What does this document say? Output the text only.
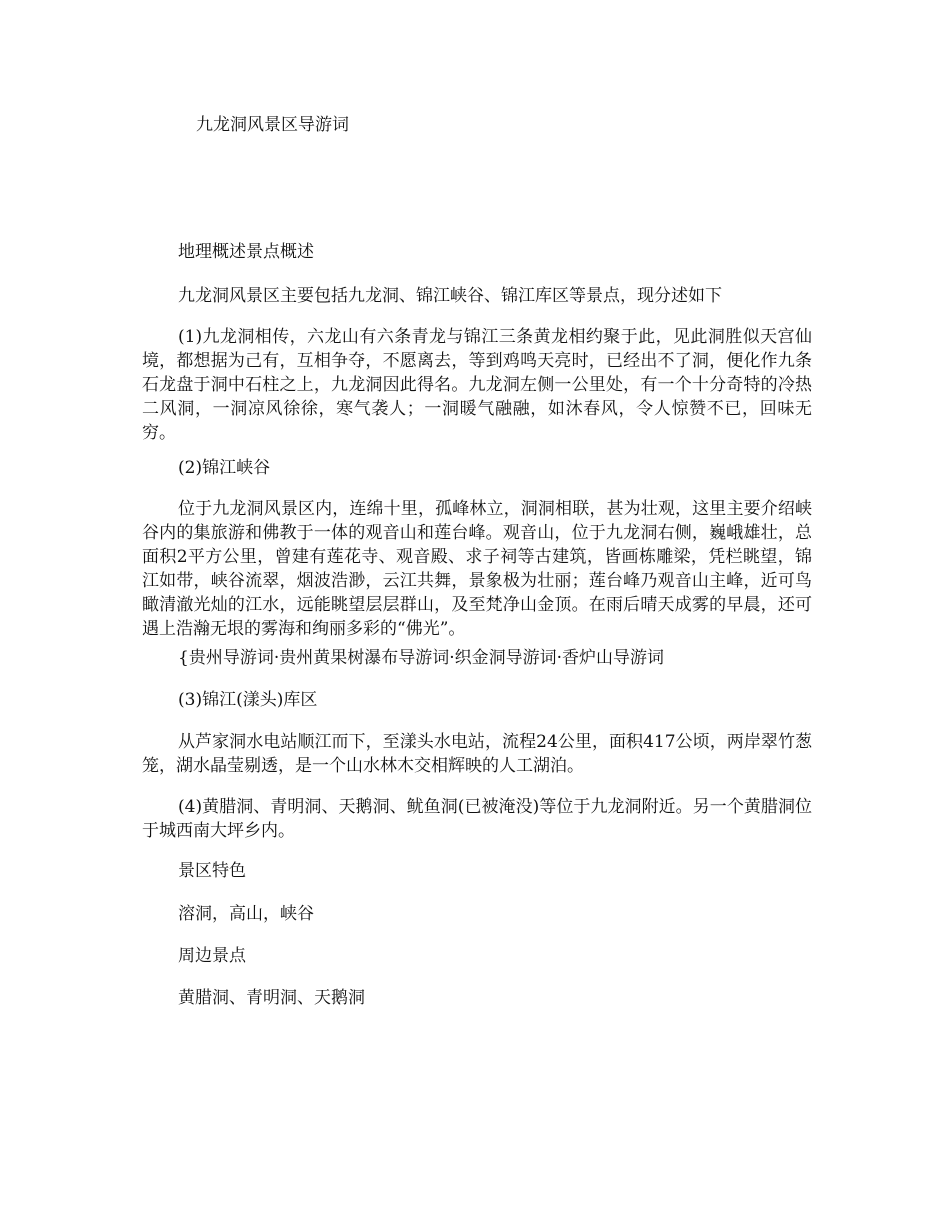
九龙洞风景区导游词

地理概述景点概述

九龙洞风景区主要包括九龙洞、锦江峡谷、锦江库区等景点，现分述如下

(1)九龙洞相传，六龙山有六条青龙与锦江三条黄龙相约聚于此，见此洞胜似天宫仙境，都想据为己有，互相争夺，不愿离去，等到鸡鸣天亮时，已经出不了洞，便化作九条石龙盘于洞中石柱之上，九龙洞因此得名。九龙洞左侧一公里处，有一个十分奇特的冷热二风洞，一洞凉风徐徐，寒气袭人；一洞暖气融融，如沐春风，令人惊赞不已，回味无穷。

(2)锦江峡谷

位于九龙洞风景区内，连绵十里，孤峰林立，洞洞相联，甚为壮观，这里主要介绍峡谷内的集旅游和佛教于一体的观音山和莲台峰。观音山，位于九龙洞右侧，巍峨雄壮，总面积2平方公里，曾建有莲花寺、观音殿、求子祠等古建筑，皆画栋雕梁，凭栏眺望，锦江如带，峡谷流翠，烟波浩渺，云江共舞，景象极为壮丽；莲台峰乃观音山主峰，近可鸟瞰清澈光灿的江水，远能眺望层层群山，及至梵净山金顶。在雨后晴天成雾的早晨，还可遇上浩瀚无垠的雾海和绚丽多彩的“佛光”。

{贵州导游词·贵州黄果树瀑布导游词·织金洞导游词·香炉山导游词

(3)锦江(漾头)库区

从芦家洞水电站顺江而下，至漾头水电站，流程24公里，面积417公顷，两岸翠竹葱笼，湖水晶莹剔透，是一个山水林木交相辉映的人工湖泊。

(4)黄腊洞、青明洞、天鹅洞、鱿鱼洞(已被淹没)等位于九龙洞附近。另一个黄腊洞位于城西南大坪乡内。

景区特色

溶洞，高山，峡谷

周边景点

黄腊洞、青明洞、天鹅洞
